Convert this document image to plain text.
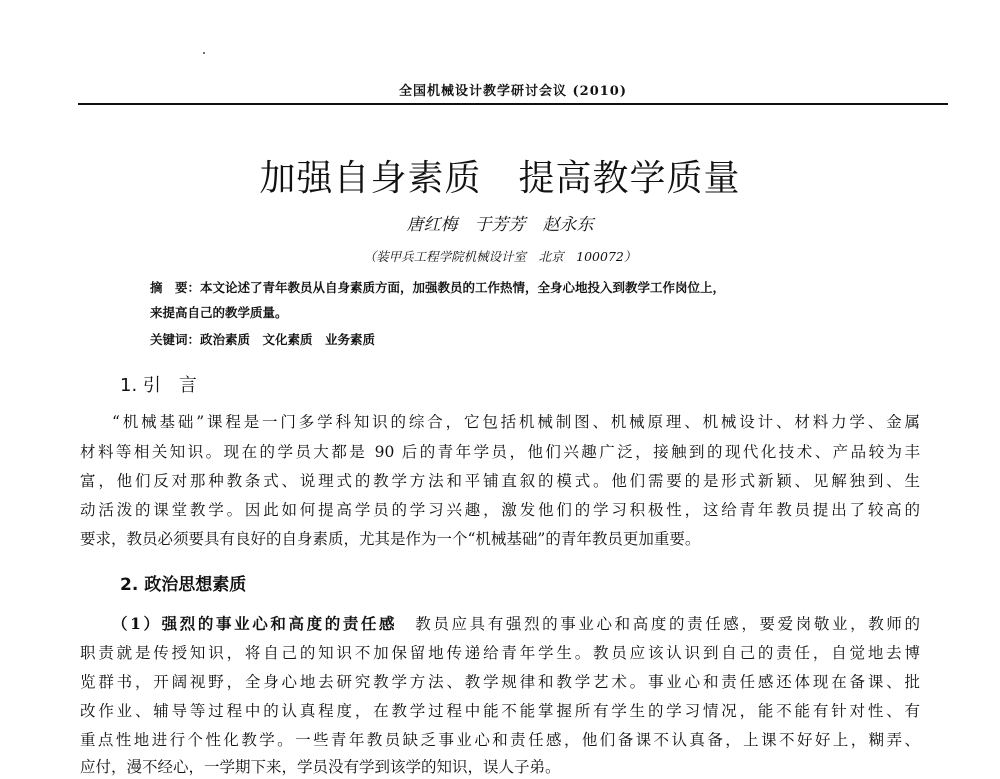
全国机械设计教学研讨会议 (2010)
加强自身素质　提高教学质量
唐红梅　于芳芳　赵永东
（装甲兵工程学院机械设计室　北京　100072）
摘　要：本文论述了青年教员从自身素质方面，加强教员的工作热情，全身心地投入到教学工作岗位上，
来提高自己的教学质量。
关键词：政治素质　文化素质　业务素质
1. 引　言
“机械基础”课程是一门多学科知识的综合，它包括机械制图、机械原理、机械设计、材料力学、金属
材料等相关知识。现在的学员大都是 90 后的青年学员，他们兴趣广泛，接触到的现代化技术、产品较为丰
富，他们反对那种教条式、说理式的教学方法和平铺直叙的模式。他们需要的是形式新颖、见解独到、生
动活泼的课堂教学。因此如何提高学员的学习兴趣，激发他们的学习积极性，这给青年教员提出了较高的
要求，教员必须要具有良好的自身素质，尤其是作为一个“机械基础”的青年教员更加重要。
2. 政治思想素质
（1）强烈的事业心和高度的责任感　教员应具有强烈的事业心和高度的责任感，要爱岗敬业，教师的
职责就是传授知识，将自己的知识不加保留地传递给青年学生。教员应该认识到自己的责任，自觉地去博
览群书，开阔视野，全身心地去研究教学方法、教学规律和教学艺术。事业心和责任感还体现在备课、批
改作业、辅导等过程中的认真程度，在教学过程中能不能掌握所有学生的学习情况，能不能有针对性、有
重点性地进行个性化教学。一些青年教员缺乏事业心和责任感，他们备课不认真备，上课不好好上，糊弄、
应付，漫不经心，一学期下来，学员没有学到该学的知识，误人子弟。
